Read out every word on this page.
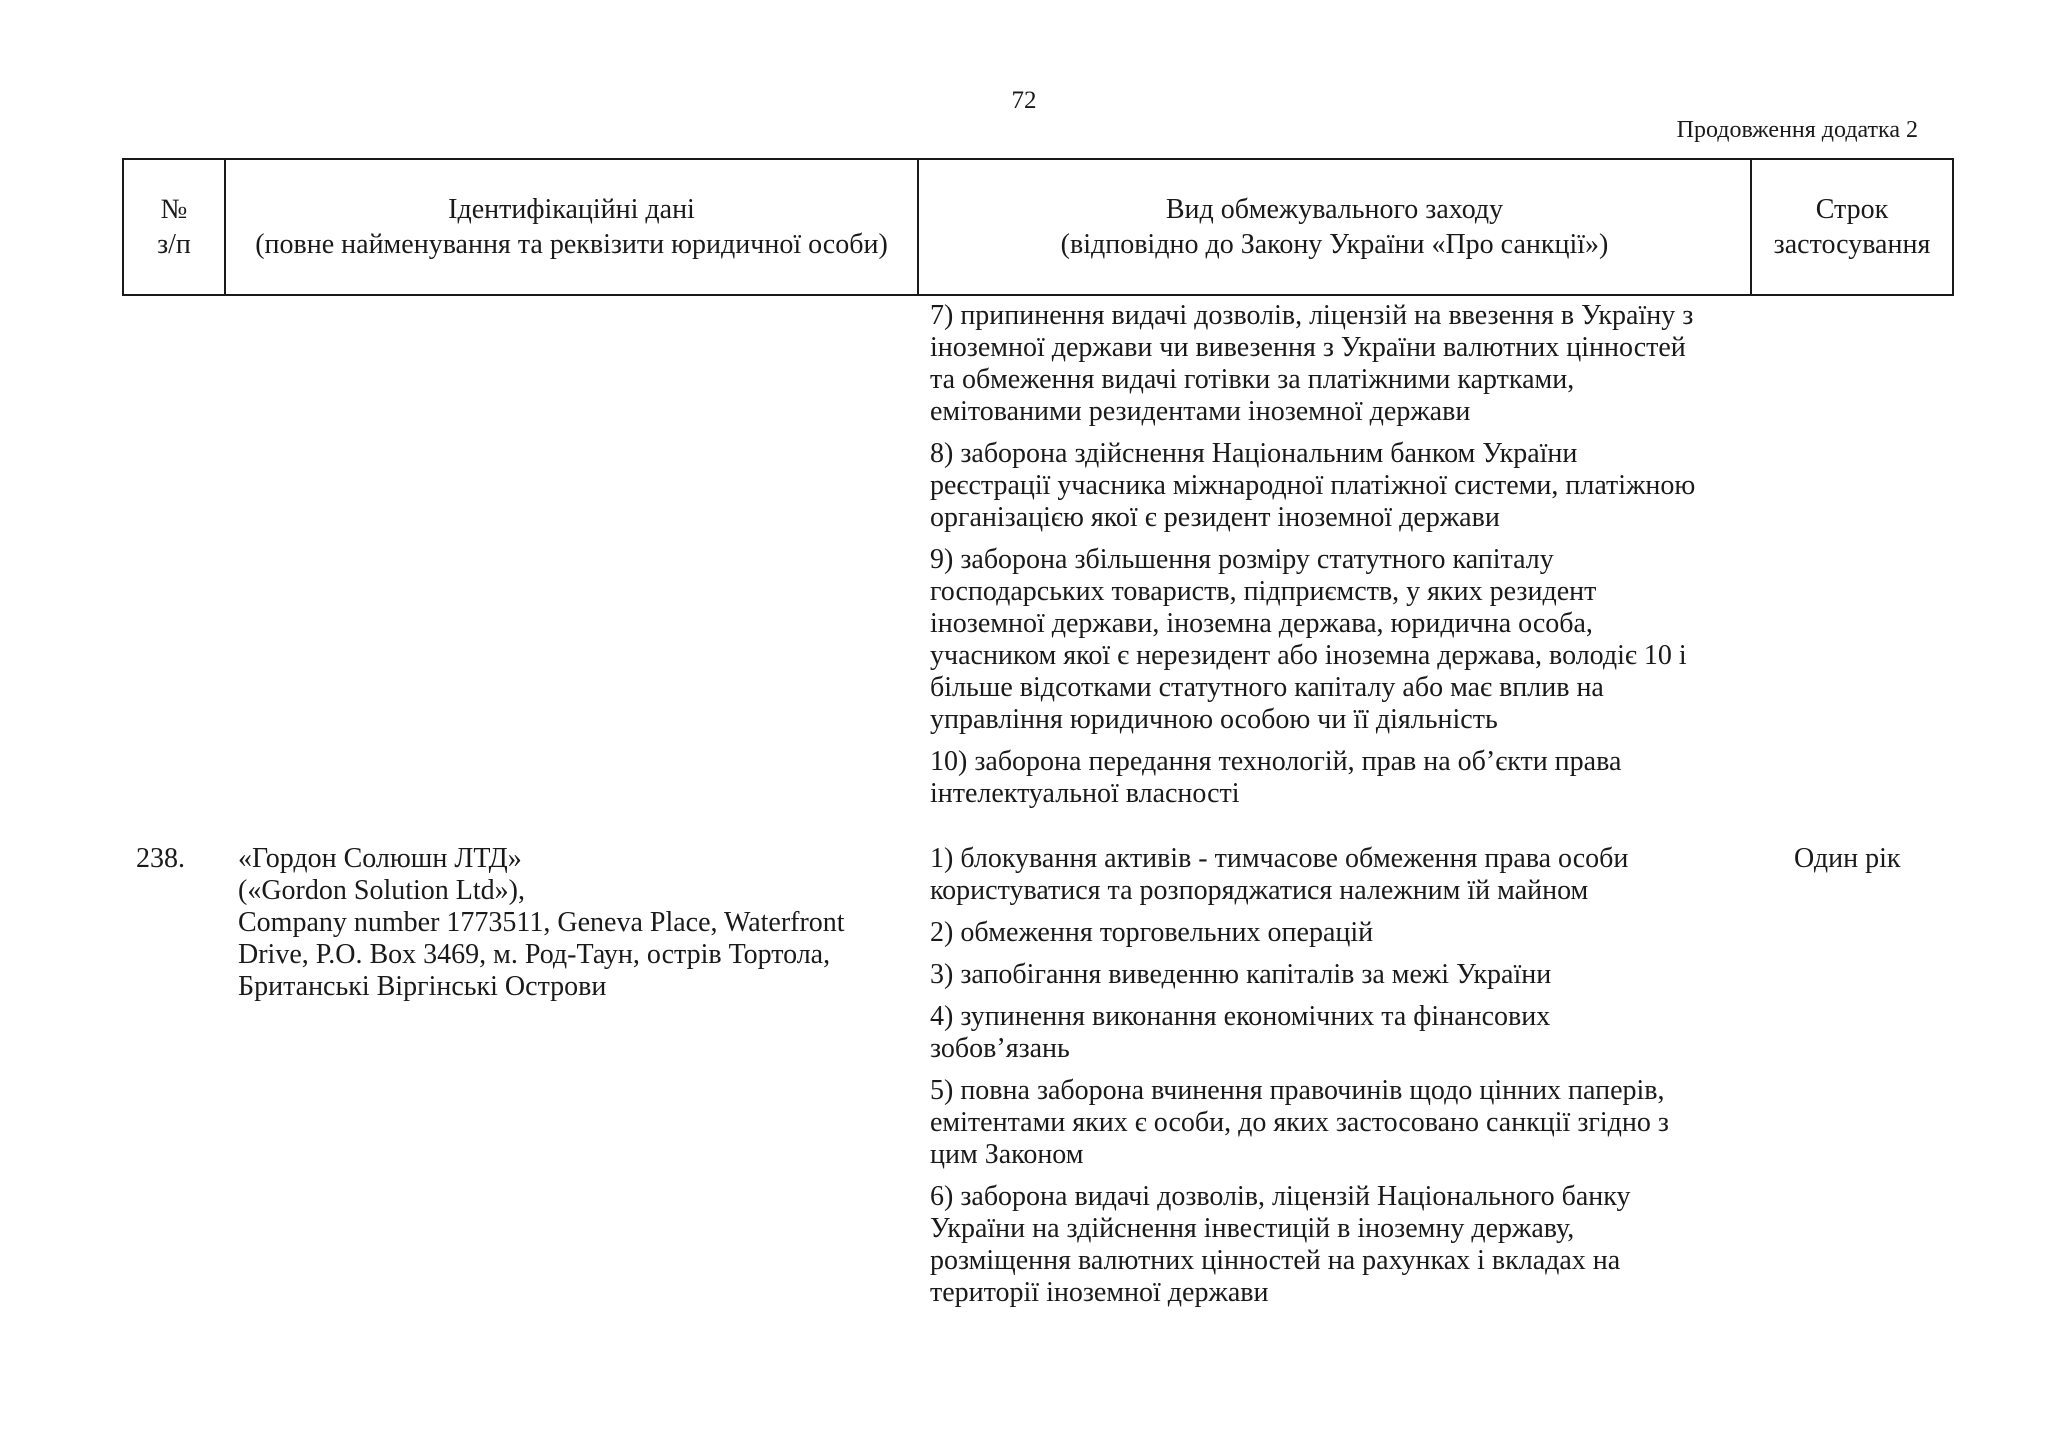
72
Продовження додатка 2
№
з/п
Ідентифікаційні дані
(повне найменування та реквізити юридичної особи)
Вид обмежувального заходу
(відповідно до Закону України «Про санкції»)
Строк
застосування
7) припинення видачі дозволів, ліцензій на ввезення в Україну з
іноземної держави чи вивезення з України валютних цінностей
та обмеження видачі готівки за платіжними картками,
емітованими резидентами іноземної держави
8) заборона здійснення Національним банком України
реєстрації учасника міжнародної платіжної системи, платіжною
організацією якої є резидент іноземної держави
9) заборона збільшення розміру статутного капіталу
господарських товариств, підприємств, у яких резидент
іноземної держави, іноземна держава, юридична особа,
учасником якої є нерезидент або іноземна держава, володіє 10 і
більше відсотками статутного капіталу або має вплив на
управління юридичною особою чи її діяльність
10) заборона передання технологій, прав на об’єкти права
інтелектуальної власності
238. «Гордон Солюшн ЛТД»
(«Gordon Solution Ltd»),
Company number 1773511, Geneva Place, Waterfront
Drive, P.O. Box 3469, м. Род-Таун, острів Тортола,
Британські Віргінські Острови
Один рік
1) блокування активів - тимчасове обмеження права особи
користуватися та розпоряджатися належним їй майном
2) обмеження торговельних операцій
3) запобігання виведенню капіталів за межі України
4) зупинення виконання економічних та фінансових
зобов’язань
5) повна заборона вчинення правочинів щодо цінних паперів,
емітентами яких є особи, до яких застосовано санкції згідно з
цим Законом
6) заборона видачі дозволів, ліцензій Національного банку
України на здійснення інвестицій в іноземну державу,
розміщення валютних цінностей на рахунках і вкладах на
території іноземної держави
